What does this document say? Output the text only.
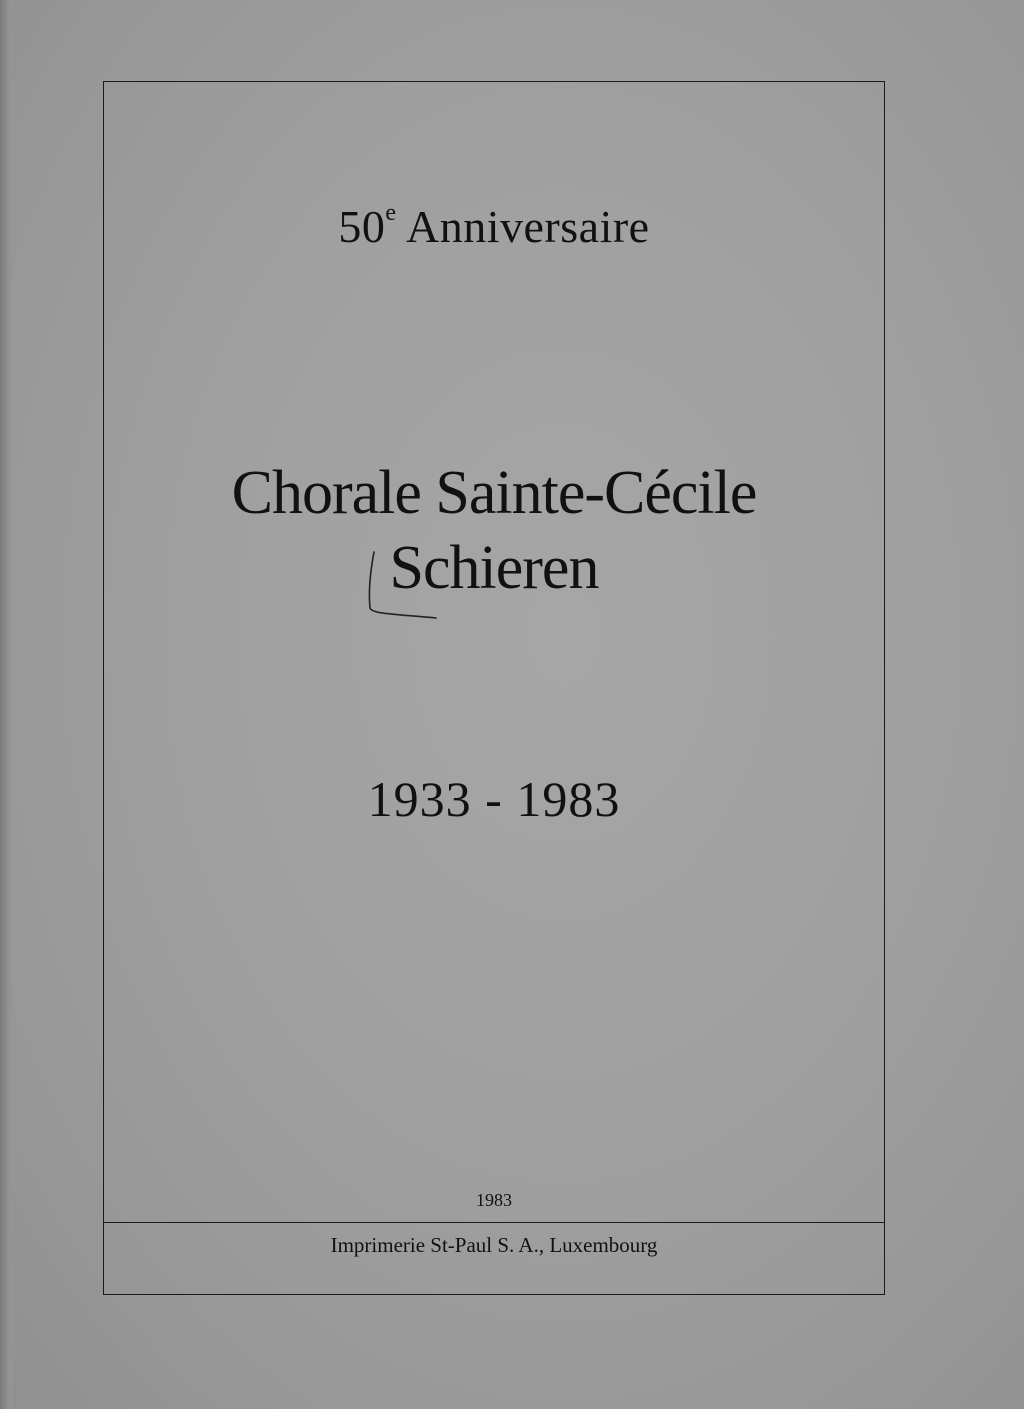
50e Anniversaire
Chorale Sainte-Cécile
Schieren
1933 - 1983
1983
Imprimerie St-Paul S. A., Luxembourg
